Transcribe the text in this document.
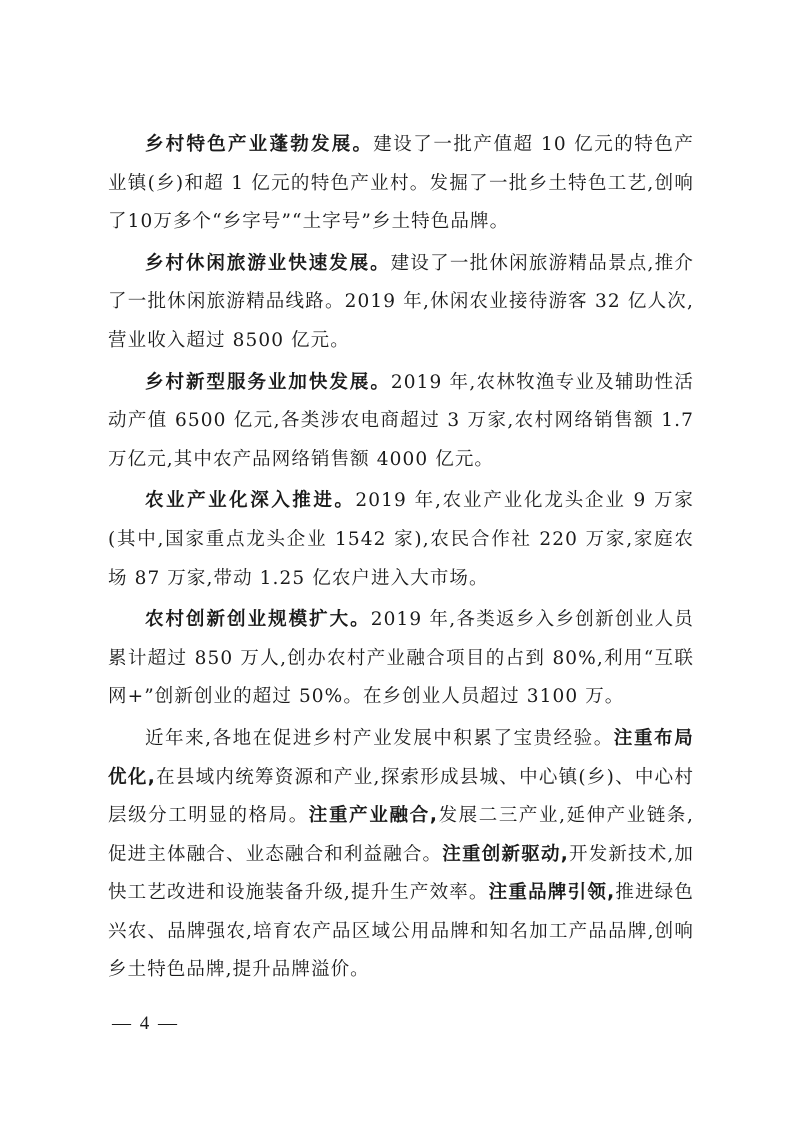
乡村特色产业蓬勃发展。建设了一批产值超 10 亿元的特色产业镇(乡)和超 1 亿元的特色产业村。发掘了一批乡土特色工艺,创响了10万多个“乡字号”“土字号”乡土特色品牌。

乡村休闲旅游业快速发展。建设了一批休闲旅游精品景点,推介了一批休闲旅游精品线路。2019 年,休闲农业接待游客 32 亿人次,营业收入超过 8500 亿元。

乡村新型服务业加快发展。2019 年,农林牧渔专业及辅助性活动产值 6500 亿元,各类涉农电商超过 3 万家,农村网络销售额 1.7 万亿元,其中农产品网络销售额 4000 亿元。

农业产业化深入推进。2019 年,农业产业化龙头企业 9 万家(其中,国家重点龙头企业 1542 家),农民合作社 220 万家,家庭农场 87 万家,带动 1.25 亿农户进入大市场。

农村创新创业规模扩大。2019 年,各类返乡入乡创新创业人员累计超过 850 万人,创办农村产业融合项目的占到 80%,利用“互联网+”创新创业的超过 50%。在乡创业人员超过 3100 万。

近年来,各地在促进乡村产业发展中积累了宝贵经验。注重布局优化,在县域内统筹资源和产业,探索形成县城、中心镇(乡)、中心村层级分工明显的格局。注重产业融合,发展二三产业,延伸产业链条,促进主体融合、业态融合和利益融合。注重创新驱动,开发新技术,加快工艺改进和设施装备升级,提升生产效率。注重品牌引领,推进绿色兴农、品牌强农,培育农产品区域公用品牌和知名加工产品品牌,创响乡土特色品牌,提升品牌溢价。

— 4 —
